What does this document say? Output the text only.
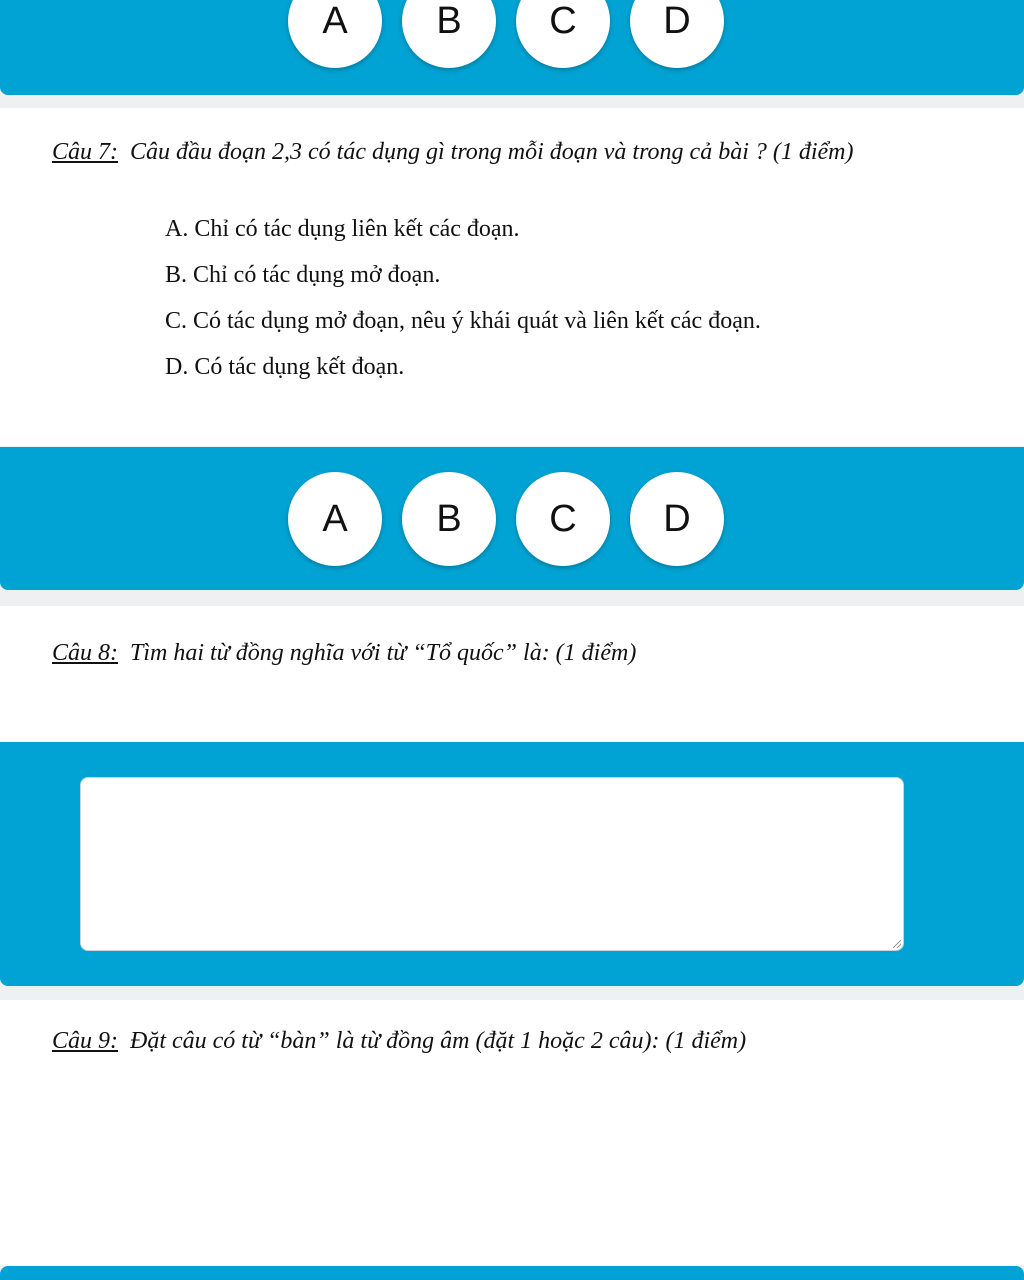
A	B	C	D
Câu 7: Câu đầu đoạn 2,3 có tác dụng gì trong mỗi đoạn và trong cả bài ? (1 điểm)
A. Chỉ có tác dụng liên kết các đoạn.
B. Chỉ có tác dụng mở đoạn.
C. Có tác dụng mở đoạn, nêu ý khái quát và liên kết các đoạn.
D. Có tác dụng kết đoạn.
A	B	C	D
Câu 8: Tìm hai từ đồng nghĩa với từ “Tổ quốc” là: (1 điểm)
Câu 9: Đặt câu có từ “bàn” là từ đồng âm (đặt 1 hoặc 2 câu): (1 điểm)
